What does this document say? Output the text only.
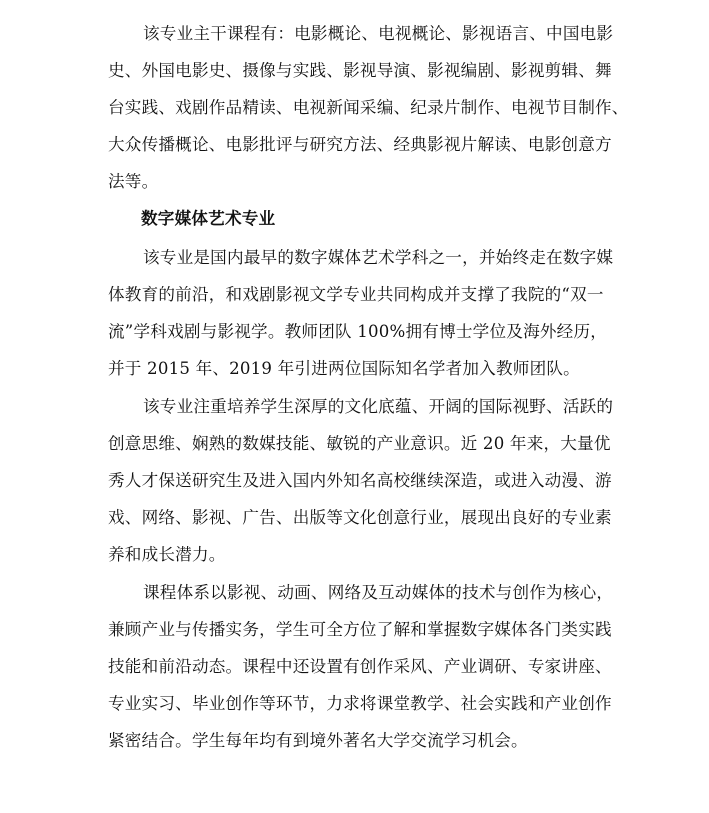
该专业主干课程有：电影概论、电视概论、影视语言、中国电影
史、外国电影史、摄像与实践、影视导演、影视编剧、影视剪辑、舞
台实践、戏剧作品精读、电视新闻采编、纪录片制作、电视节目制作、
大众传播概论、电影批评与研究方法、经典影视片解读、电影创意方
法等。
数字媒体艺术专业
该专业是国内最早的数字媒体艺术学科之一，并始终走在数字媒
体教育的前沿，和戏剧影视文学专业共同构成并支撑了我院的“双一
流”学科戏剧与影视学。教师团队 100%拥有博士学位及海外经历，
并于 2015 年、2019 年引进两位国际知名学者加入教师团队。
该专业注重培养学生深厚的文化底蕴、开阔的国际视野、活跃的
创意思维、娴熟的数媒技能、敏锐的产业意识。近 20 年来，大量优
秀人才保送研究生及进入国内外知名高校继续深造，或进入动漫、游
戏、网络、影视、广告、出版等文化创意行业，展现出良好的专业素
养和成长潜力。
课程体系以影视、动画、网络及互动媒体的技术与创作为核心，
兼顾产业与传播实务，学生可全方位了解和掌握数字媒体各门类实践
技能和前沿动态。课程中还设置有创作采风、产业调研、专家讲座、
专业实习、毕业创作等环节，力求将课堂教学、社会实践和产业创作
紧密结合。学生每年均有到境外著名大学交流学习机会。
